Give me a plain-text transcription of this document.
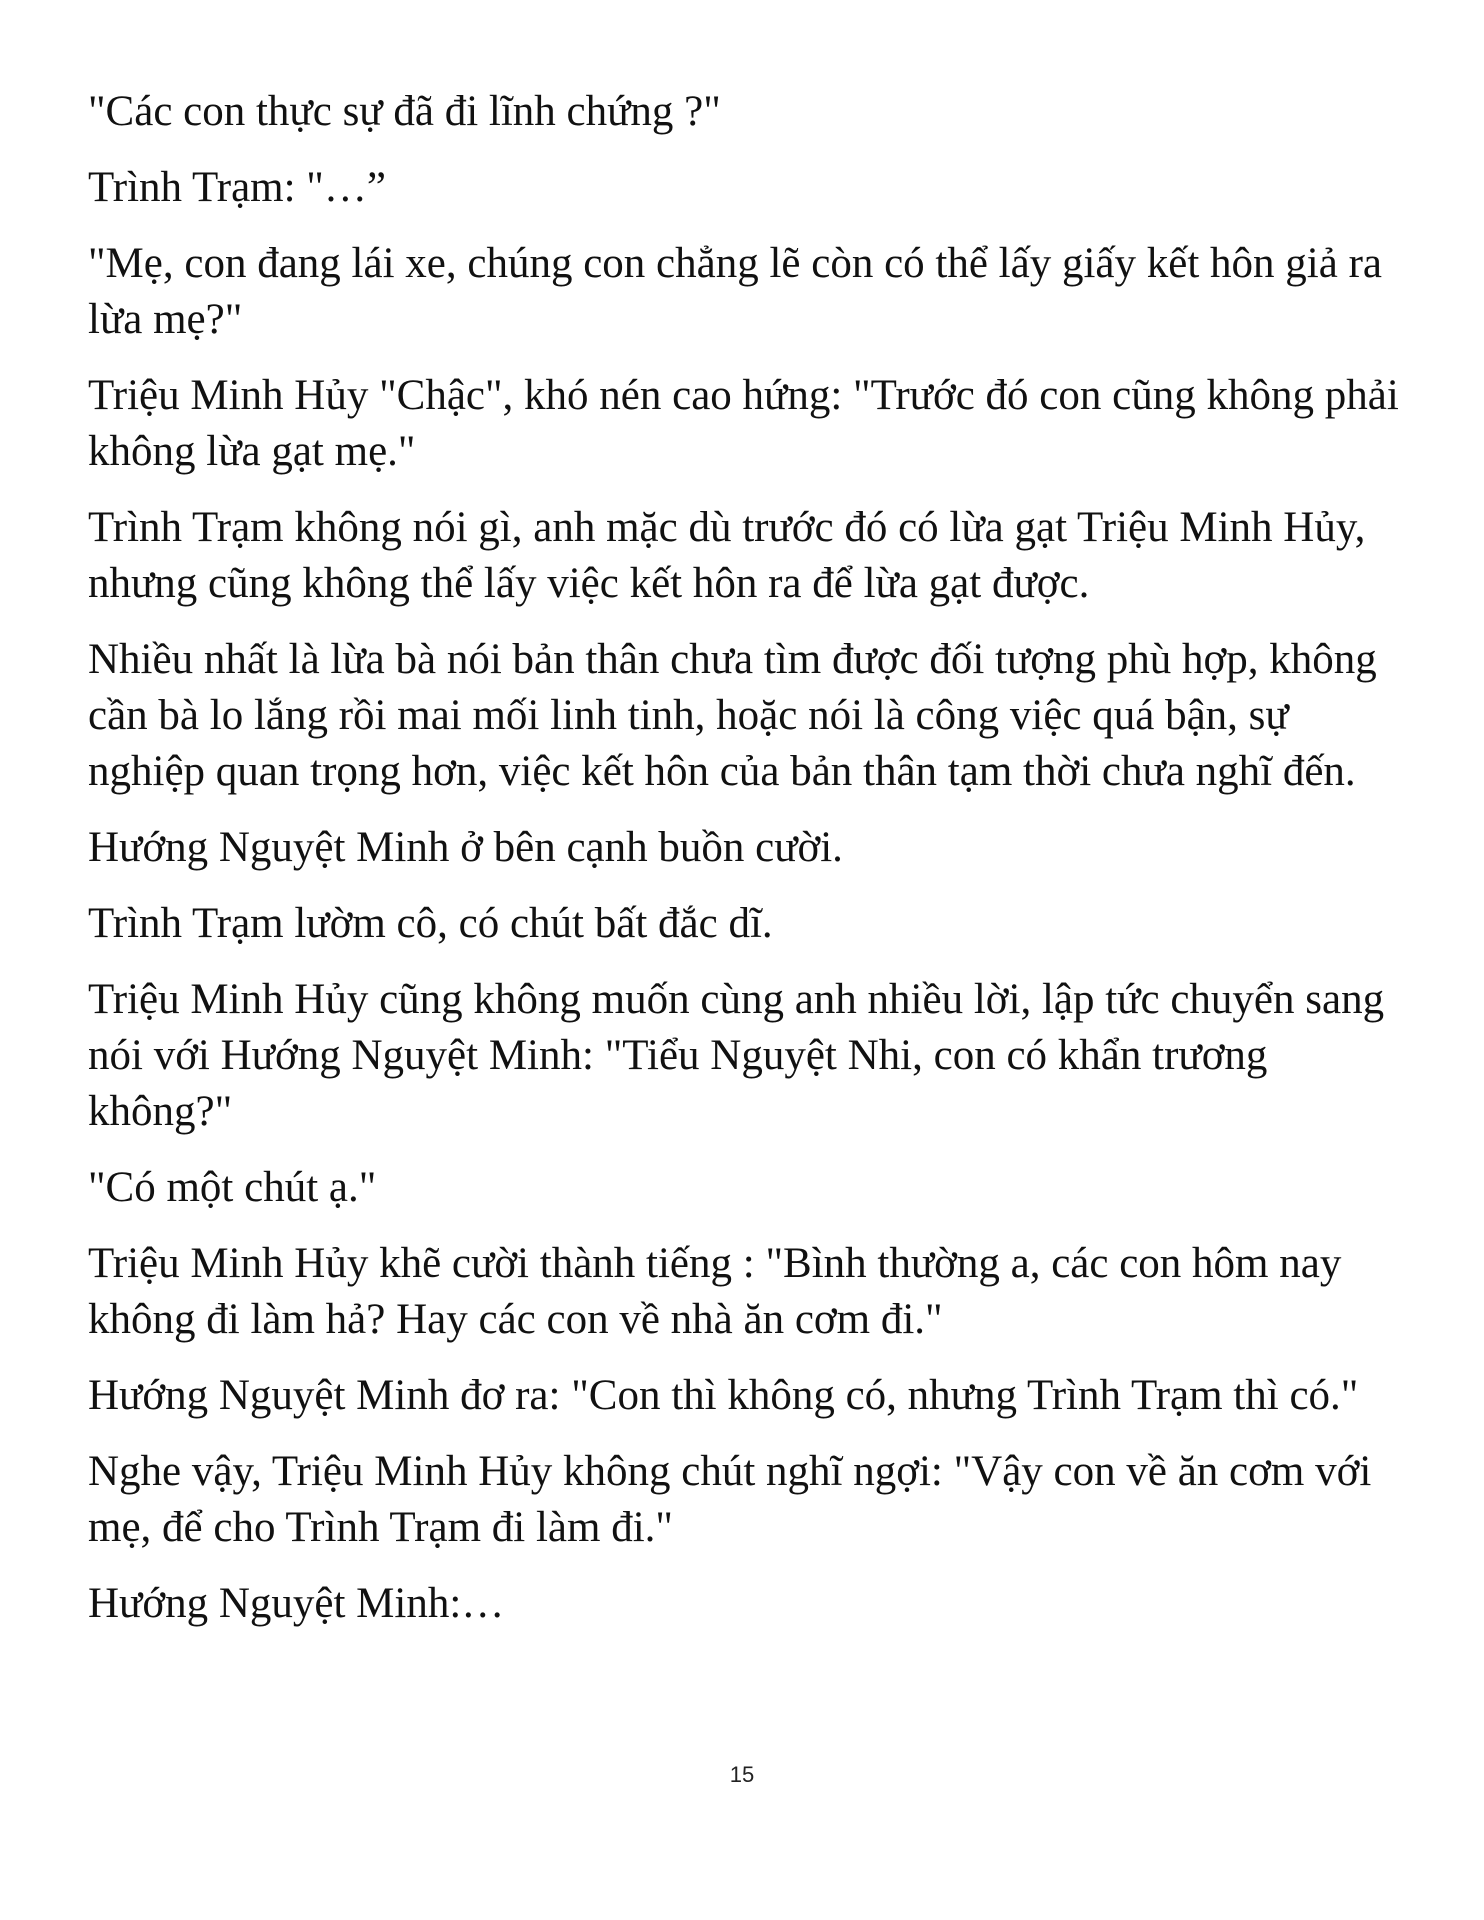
"Các con thực sự đã đi lĩnh chứng ?"

Trình Trạm: "…”

"Mẹ, con đang lái xe, chúng con chẳng lẽ còn có thể lấy giấy kết hôn giả ra lừa mẹ?"

Triệu Minh Hủy "Chậc", khó nén cao hứng: "Trước đó con cũng không phải không lừa gạt mẹ."

Trình Trạm không nói gì, anh mặc dù trước đó có lừa gạt Triệu Minh Hủy, nhưng cũng không thể lấy việc kết hôn ra để lừa gạt được.

Nhiều nhất là lừa bà nói bản thân chưa tìm được đối tượng phù hợp, không cần bà lo lắng rồi mai mối linh tinh, hoặc nói là công việc quá bận, sự nghiệp quan trọng hơn, việc kết hôn của bản thân tạm thời chưa nghĩ đến.

Hướng Nguyệt Minh ở bên cạnh buồn cười.

Trình Trạm lườm cô, có chút bất đắc dĩ.

Triệu Minh Hủy cũng không muốn cùng anh nhiều lời, lập tức chuyển sang nói với Hướng Nguyệt Minh: "Tiểu Nguyệt Nhi, con có khẩn trương không?"

"Có một chút ạ."

Triệu Minh Hủy khẽ cười thành tiếng : "Bình thường a, các con hôm nay không đi làm hả? Hay các con về nhà ăn cơm đi."

Hướng Nguyệt Minh đơ ra: "Con thì không có, nhưng Trình Trạm thì có."

Nghe vậy, Triệu Minh Hủy không chút nghĩ ngợi: "Vậy con về ăn cơm với mẹ, để cho Trình Trạm đi làm đi."

Hướng Nguyệt Minh:…

15
